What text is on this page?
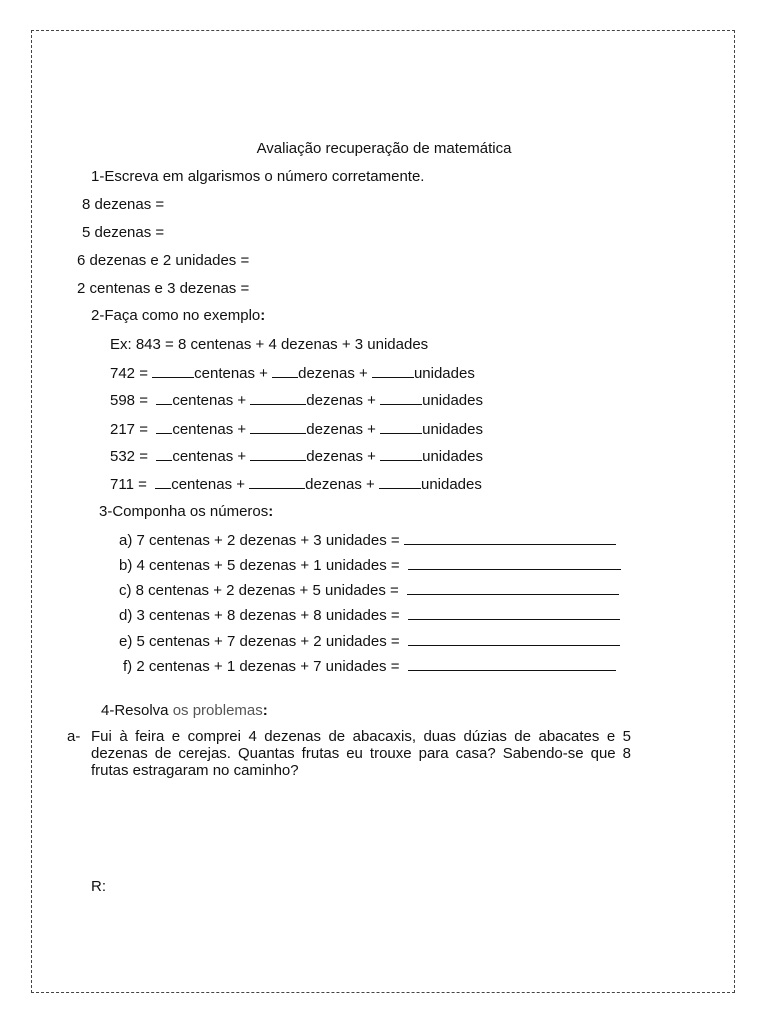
Avaliação recuperação de matemática
1-Escreva em algarismos o número corretamente.
8 dezenas =
5 dezenas =
6 dezenas e 2 unidades =
2 centenas e 3 dezenas =
2-Faça como no exemplo:
Ex: 843 = 8 centenas + 4 dezenas + 3 unidades
742 =	centenas + dezenas +	unidades
598 = centenas +	dezenas +	unidades
217 = centenas +	dezenas +	unidades
532 = centenas +	dezenas +	unidades
711 = centenas +	dezenas +	unidades
3-Componha os números:
a) 7 centenas + 2 dezenas + 3 unidades =
b) 4 centenas + 5 dezenas + 1 unidades =
c) 8 centenas + 2 dezenas + 5 unidades =
d) 3 centenas + 8 dezenas + 8 unidades =
e) 5 centenas + 7 dezenas + 2 unidades =
f) 2 centenas + 1 dezenas + 7 unidades =
4-Resolva os problemas:
a- Fui à feira e comprei 4 dezenas de abacaxis, duas dúzias de abacates e 5 dezenas de cerejas. Quantas frutas eu trouxe para casa? Sabendo-se que 8 frutas estragaram no caminho?
R:
